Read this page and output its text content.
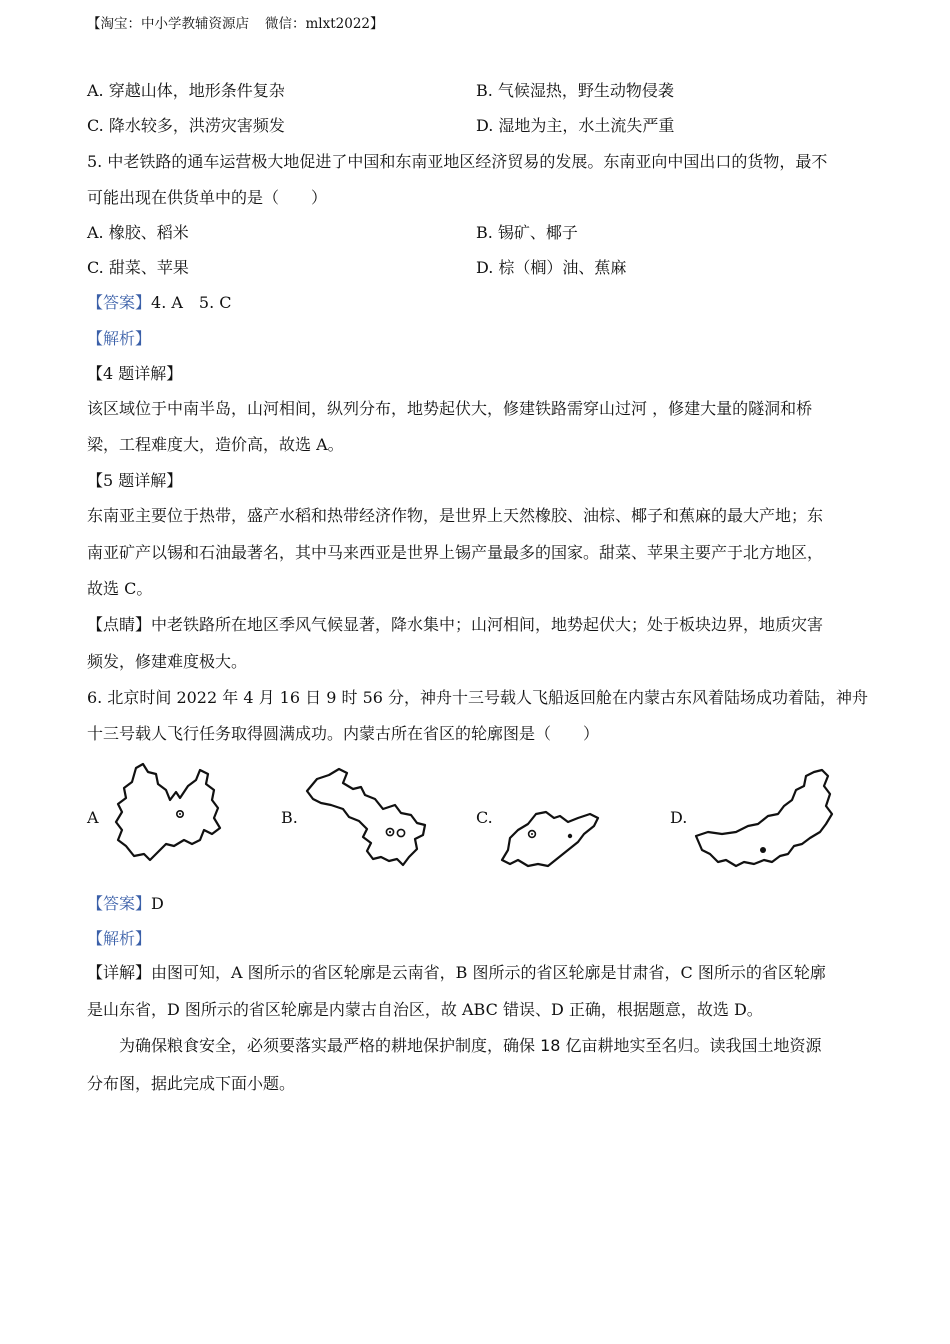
【淘宝：中小学教辅资源店 微信：mlxt2022】
A. 穿越山体，地形条件复杂	B. 气候湿热，野生动物侵袭
C. 降水较多，洪涝灾害频发	D. 湿地为主，水土流失严重
5. 中老铁路的通车运营极大地促进了中国和东南亚地区经济贸易的发展。东南亚向中国出口的货物，最不
可能出现在供货单中的是（　　）
A. 橡胶、稻米	B. 锡矿、椰子
C. 甜菜、苹果	D. 棕（榈）油、蕉麻
【答案】4. A　5. C
【解析】
【4 题详解】
该区域位于中南半岛，山河相间，纵列分布，地势起伏大，修建铁路需穿山过河 ，修建大量的隧洞和桥
梁，工程难度大，造价高，故选 A。
【5 题详解】
东南亚主要位于热带，盛产水稻和热带经济作物，是世界上天然橡胶、油棕、椰子和蕉麻的最大产地；东
南亚矿产以锡和石油最著名，其中马来西亚是世界上锡产量最多的国家。甜菜、苹果主要产于北方地区，
故选 C。
【点睛】中老铁路所在地区季风气候显著，降水集中；山河相间，地势起伏大；处于板块边界，地质灾害
频发，修建难度极大。
6. 北京时间 2022 年 4 月 16 日 9 时 56 分，神舟十三号载人飞船返回舱在内蒙古东风着陆场成功着陆，神舟
十三号载人飞行任务取得圆满成功。内蒙古所在省区的轮廓图是（　　）
A	B.	C.	D.
【答案】D
【解析】
【详解】由图可知，A 图所示的省区轮廓是云南省，B 图所示的省区轮廓是甘肃省，C 图所示的省区轮廓
是山东省，D 图所示的省区轮廓是内蒙古自治区，故 ABC 错误、D 正确，根据题意，故选 D。
　　为确保粮食安全，必须要落实最严格的耕地保护制度，确保 18 亿亩耕地实至名归。读我国土地资源
分布图，据此完成下面小题。
